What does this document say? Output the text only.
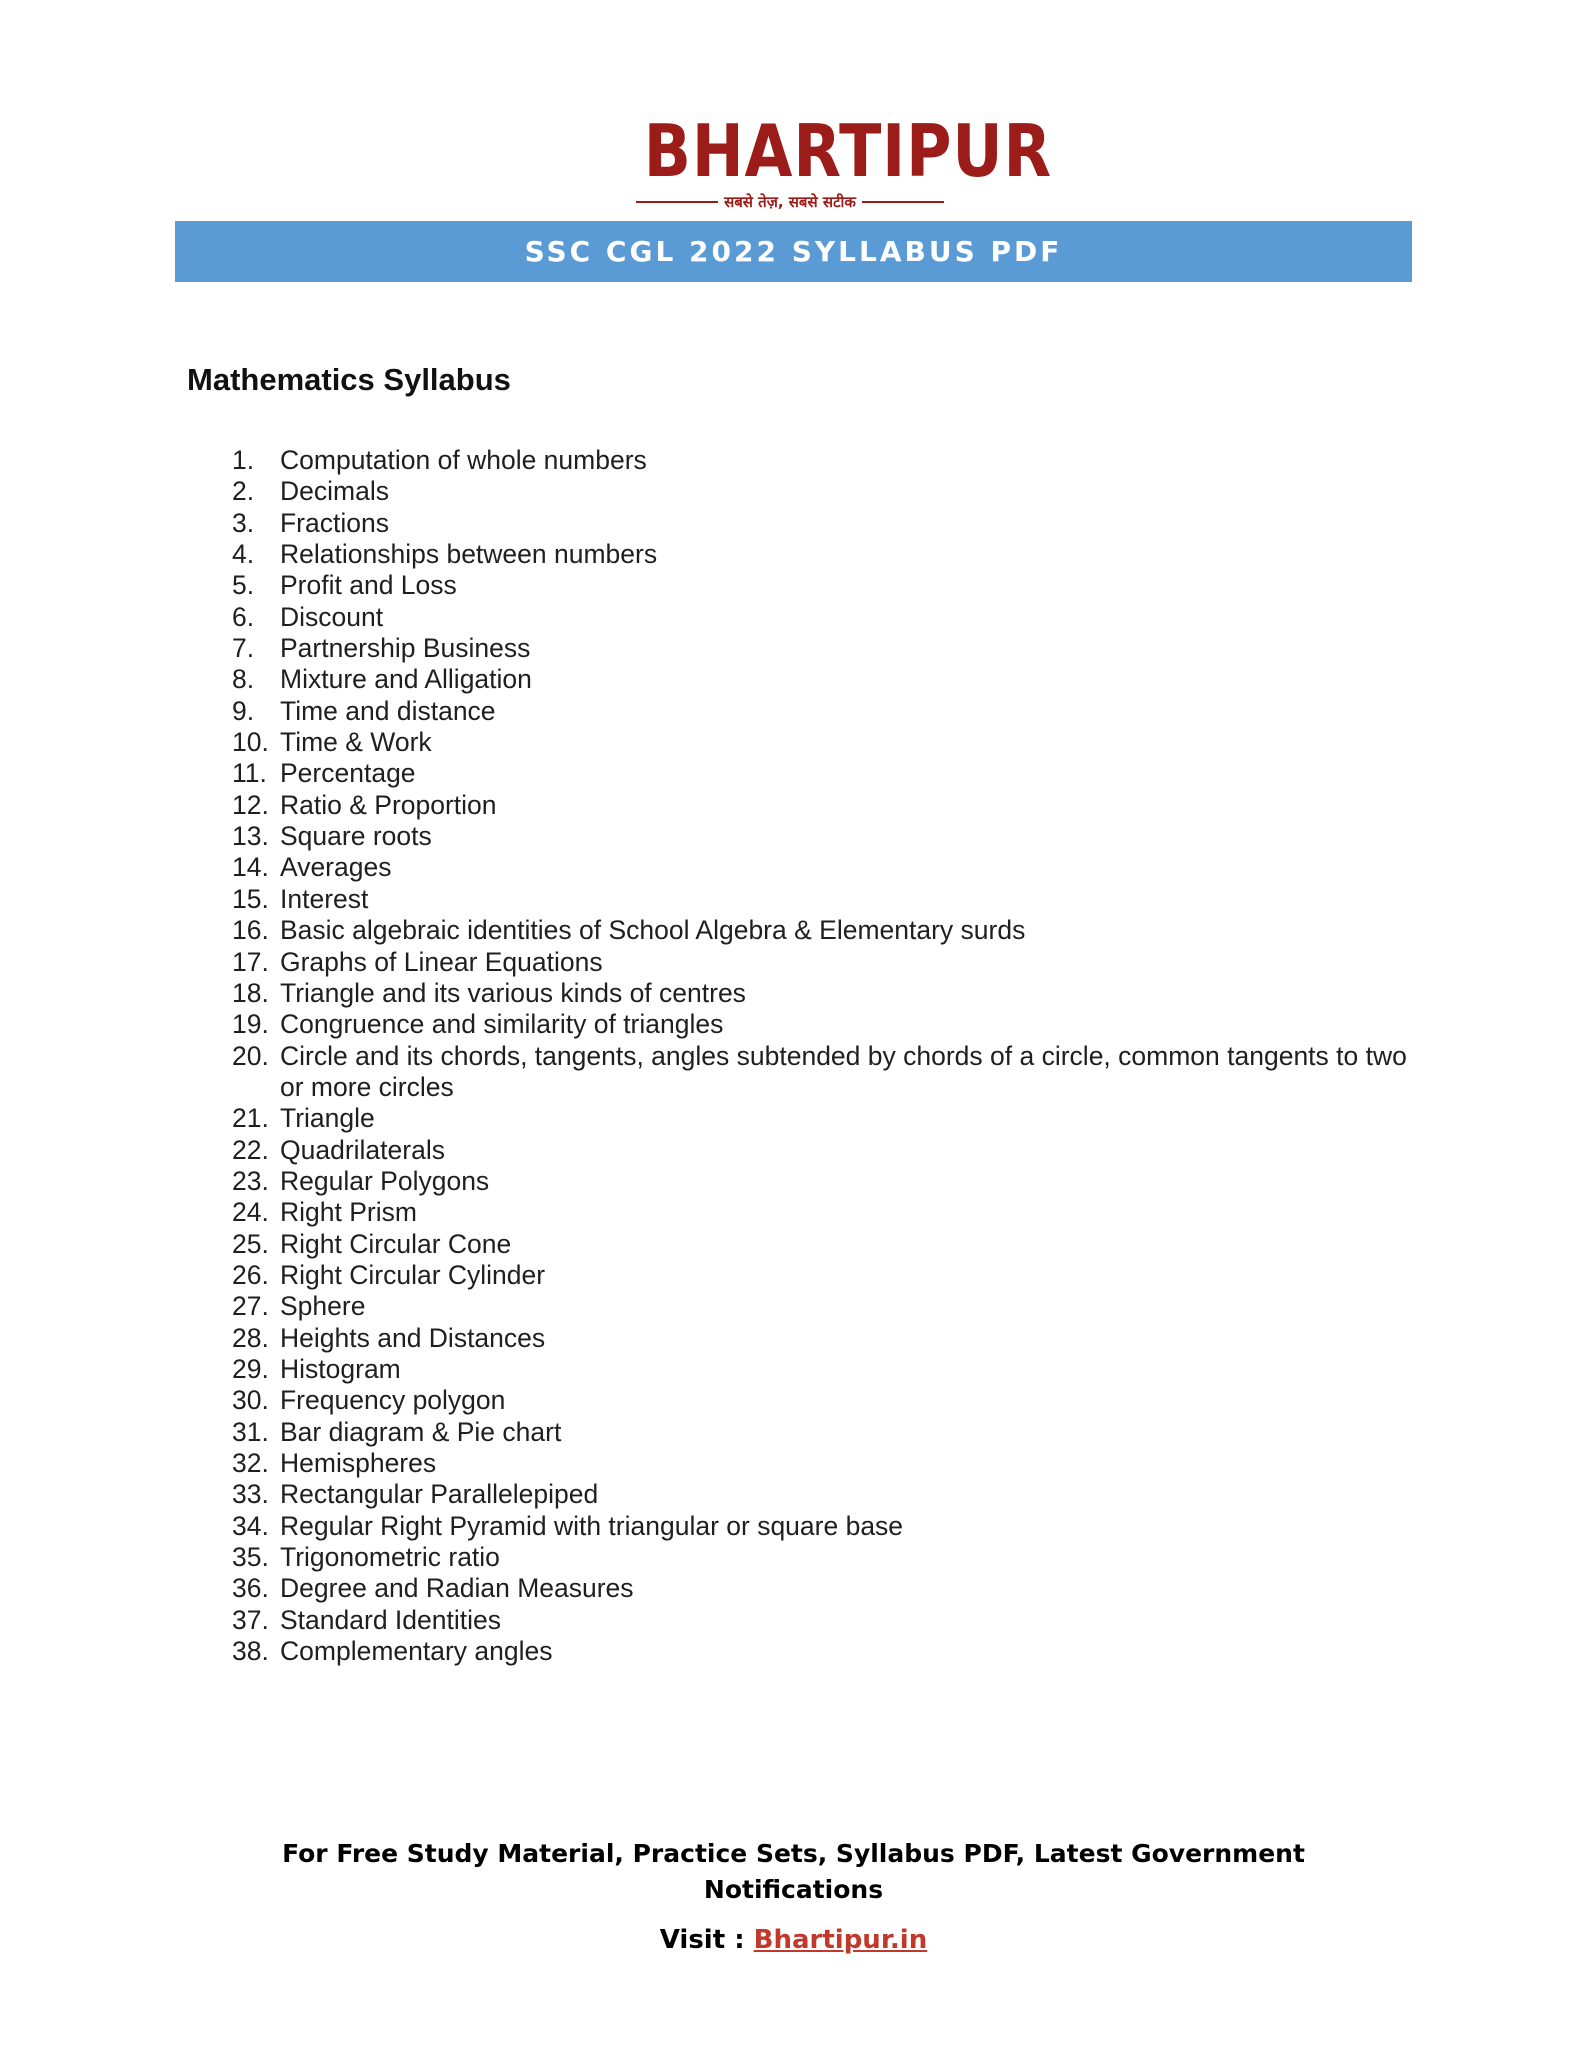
BHARTIPUR
सबसे तेज़, सबसे सटीक
SSC CGL 2022 SYLLABUS PDF
Mathematics Syllabus
1. Computation of whole numbers
2. Decimals
3. Fractions
4. Relationships between numbers
5. Profit and Loss
6. Discount
7. Partnership Business
8. Mixture and Alligation
9. Time and distance
10. Time & Work
11. Percentage
12. Ratio & Proportion
13. Square roots
14. Averages
15. Interest
16. Basic algebraic identities of School Algebra & Elementary surds
17. Graphs of Linear Equations
18. Triangle and its various kinds of centres
19. Congruence and similarity of triangles
20. Circle and its chords, tangents, angles subtended by chords of a circle, common tangents to two or more circles
21. Triangle
22. Quadrilaterals
23. Regular Polygons
24. Right Prism
25. Right Circular Cone
26. Right Circular Cylinder
27. Sphere
28. Heights and Distances
29. Histogram
30. Frequency polygon
31. Bar diagram & Pie chart
32. Hemispheres
33. Rectangular Parallelepiped
34. Regular Right Pyramid with triangular or square base
35. Trigonometric ratio
36. Degree and Radian Measures
37. Standard Identities
38. Complementary angles
For Free Study Material, Practice Sets, Syllabus PDF, Latest Government
Notifications
Visit : Bhartipur.in
